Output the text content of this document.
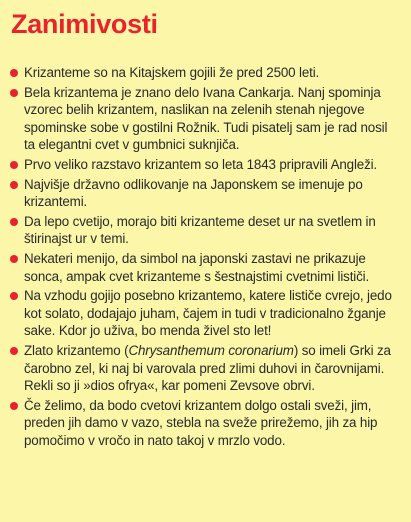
Zanimivosti
Krizanteme so na Kitajskem gojili že pred 2500 leti.
Bela krizantema je znano delo Ivana Cankarja. Nanj spominja vzorec belih krizantem, naslikan na zelenih stenah njegove spominske sobe v gostilni Rožnik. Tudi pisatelj sam je rad nosil ta elegantni cvet v gumbnici suknjiča.
Prvo veliko razstavo krizantem so leta 1843 pripravili Angleži.
Najvišje državno odlikovanje na Japonskem se imenuje po krizantemi.
Da lepo cvetijo, morajo biti krizanteme deset ur na svetlem in štirinajst ur v temi.
Nekateri menijo, da simbol na japonski zastavi ne prikazuje sonca, ampak cvet krizanteme s šestnajstimi cvetnimi lističi.
Na vzhodu gojijo posebno krizantemo, katere lističe cvrejo, jedo kot solato, dodajajo juham, čajem in tudi v tradicionalno žganje sake. Kdor jo uživa, bo menda živel sto let!
Zlato krizantemo (Chrysanthemum coronarium) so imeli Grki za čarobno zel, ki naj bi varovala pred zlimi duhovi in čarovnijami. Rekli so ji »dios ofrya«, kar pomeni Zevsove obrvi.
Če želimo, da bodo cvetovi krizantem dolgo ostali sveži, jim, preden jih damo v vazo, stebla na sveže prirežemo, jih za hip pomočimo v vročo in nato takoj v mrzlo vodo.
